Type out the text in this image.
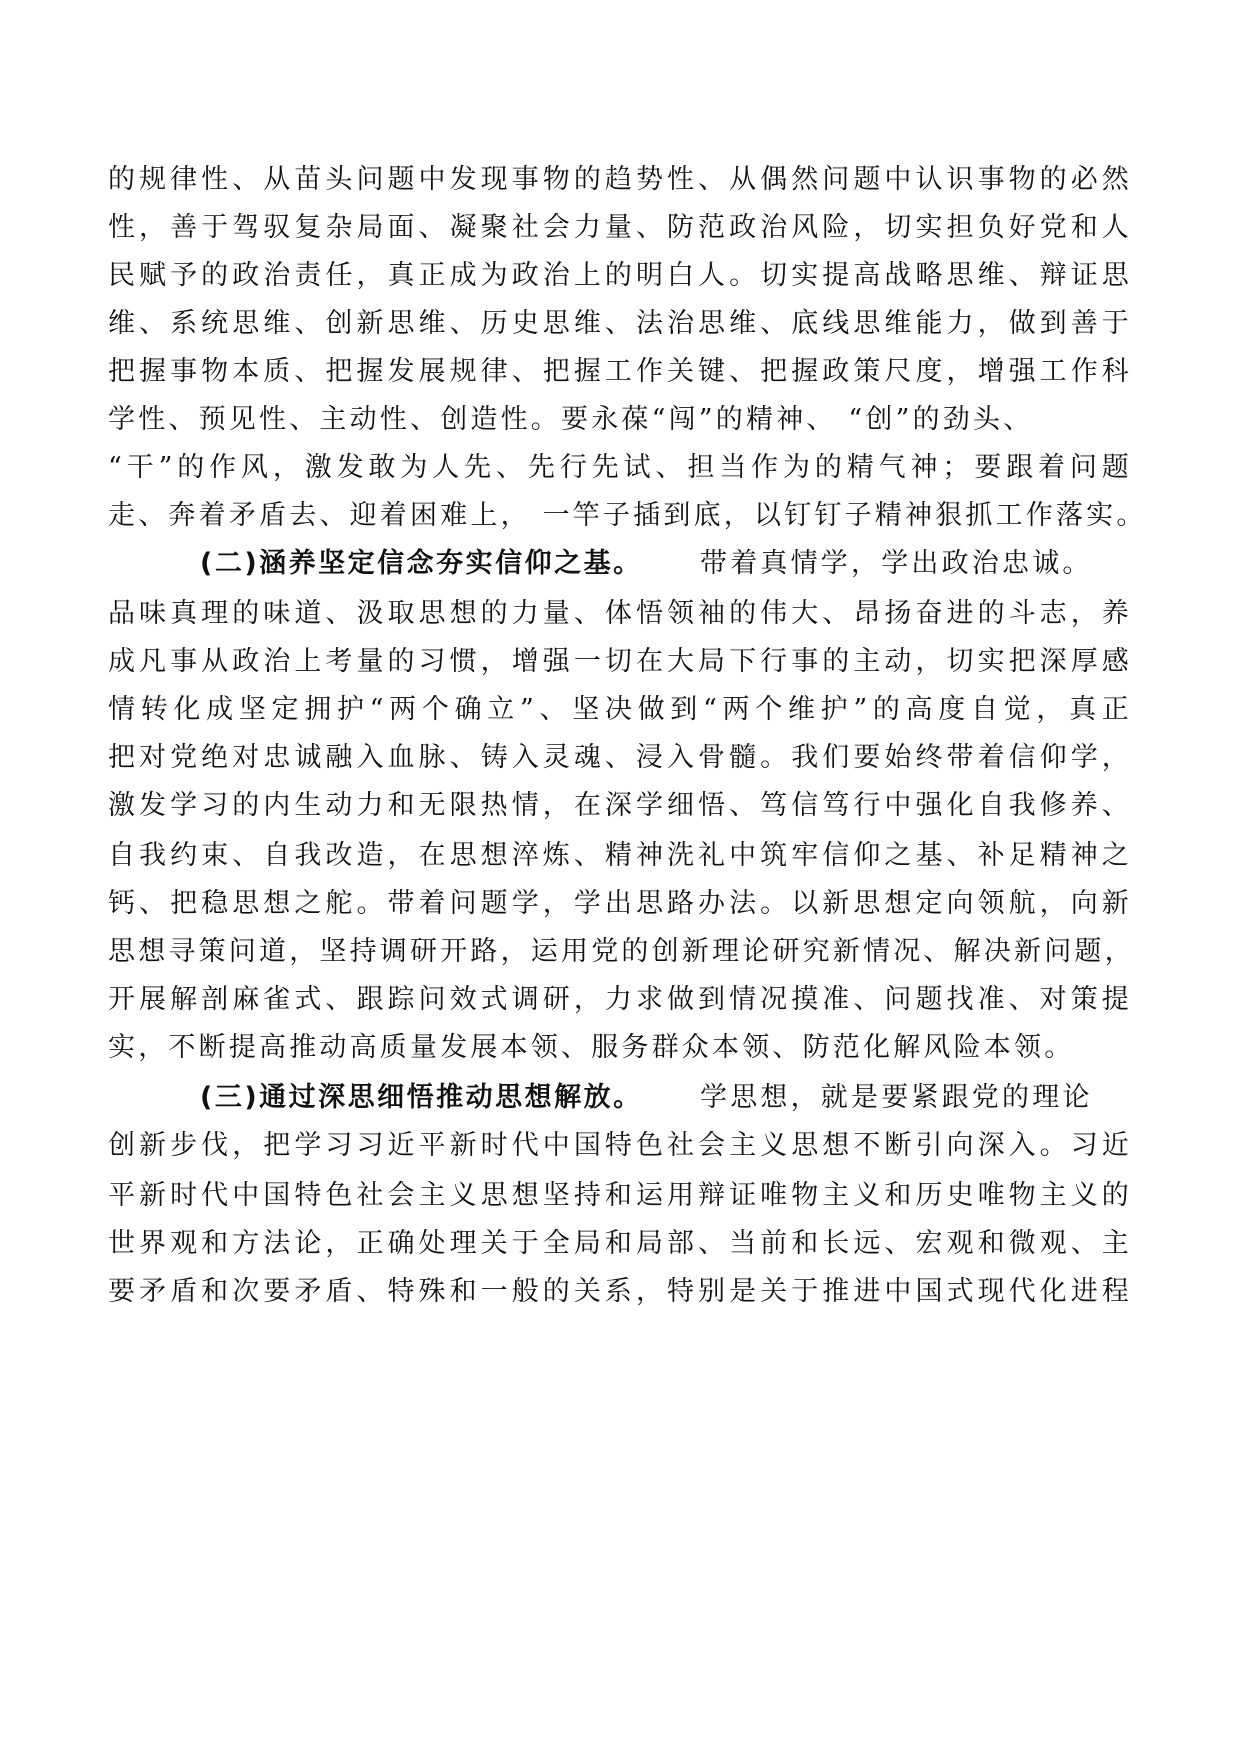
的规律性、从苗头问题中发现事物的趋势性、从偶然问题中认识事物的必然
性，善于驾驭复杂局面、凝聚社会力量、防范政治风险，切实担负好党和人
民赋予的政治责任，真正成为政治上的明白人。切实提高战略思维、辩证思
维、系统思维、创新思维、历史思维、法治思维、底线思维能力，做到善于
把握事物本质、把握发展规律、把握工作关键、把握政策尺度，增强工作科
学性、预见性、主动性、创造性。要永葆“闯”的精神、 “创”的劲头、
“干”的作风，激发敢为人先、先行先试、担当作为的精气神；要跟着问题
走、奔着矛盾去、迎着困难上， 一竿子插到底，以钉钉子精神狠抓工作落实。
(二)涵养坚定信念夯实信仰之基。 带着真情学，学出政治忠诚。
品味真理的味道、汲取思想的力量、体悟领袖的伟大、昂扬奋进的斗志，养
成凡事从政治上考量的习惯，增强一切在大局下行事的主动，切实把深厚感
情转化成坚定拥护“两个确立”、坚决做到“两个维护”的高度自觉，真正
把对党绝对忠诚融入血脉、铸入灵魂、浸入骨髓。我们要始终带着信仰学，
激发学习的内生动力和无限热情，在深学细悟、笃信笃行中强化自我修养、
自我约束、自我改造，在思想淬炼、精神洗礼中筑牢信仰之基、补足精神之
钙、把稳思想之舵。带着问题学，学出思路办法。以新思想定向领航，向新
思想寻策问道，坚持调研开路，运用党的创新理论研究新情况、解决新问题，
开展解剖麻雀式、跟踪问效式调研，力求做到情况摸准、问题找准、对策提
实，不断提高推动高质量发展本领、服务群众本领、防范化解风险本领。
(三)通过深思细悟推动思想解放。 学思想，就是要紧跟党的理论
创新步伐，把学习习近平新时代中国特色社会主义思想不断引向深入。习近
平新时代中国特色社会主义思想坚持和运用辩证唯物主义和历史唯物主义的
世界观和方法论，正确处理关于全局和局部、当前和长远、宏观和微观、主
要矛盾和次要矛盾、特殊和一般的关系，特别是关于推进中国式现代化进程
